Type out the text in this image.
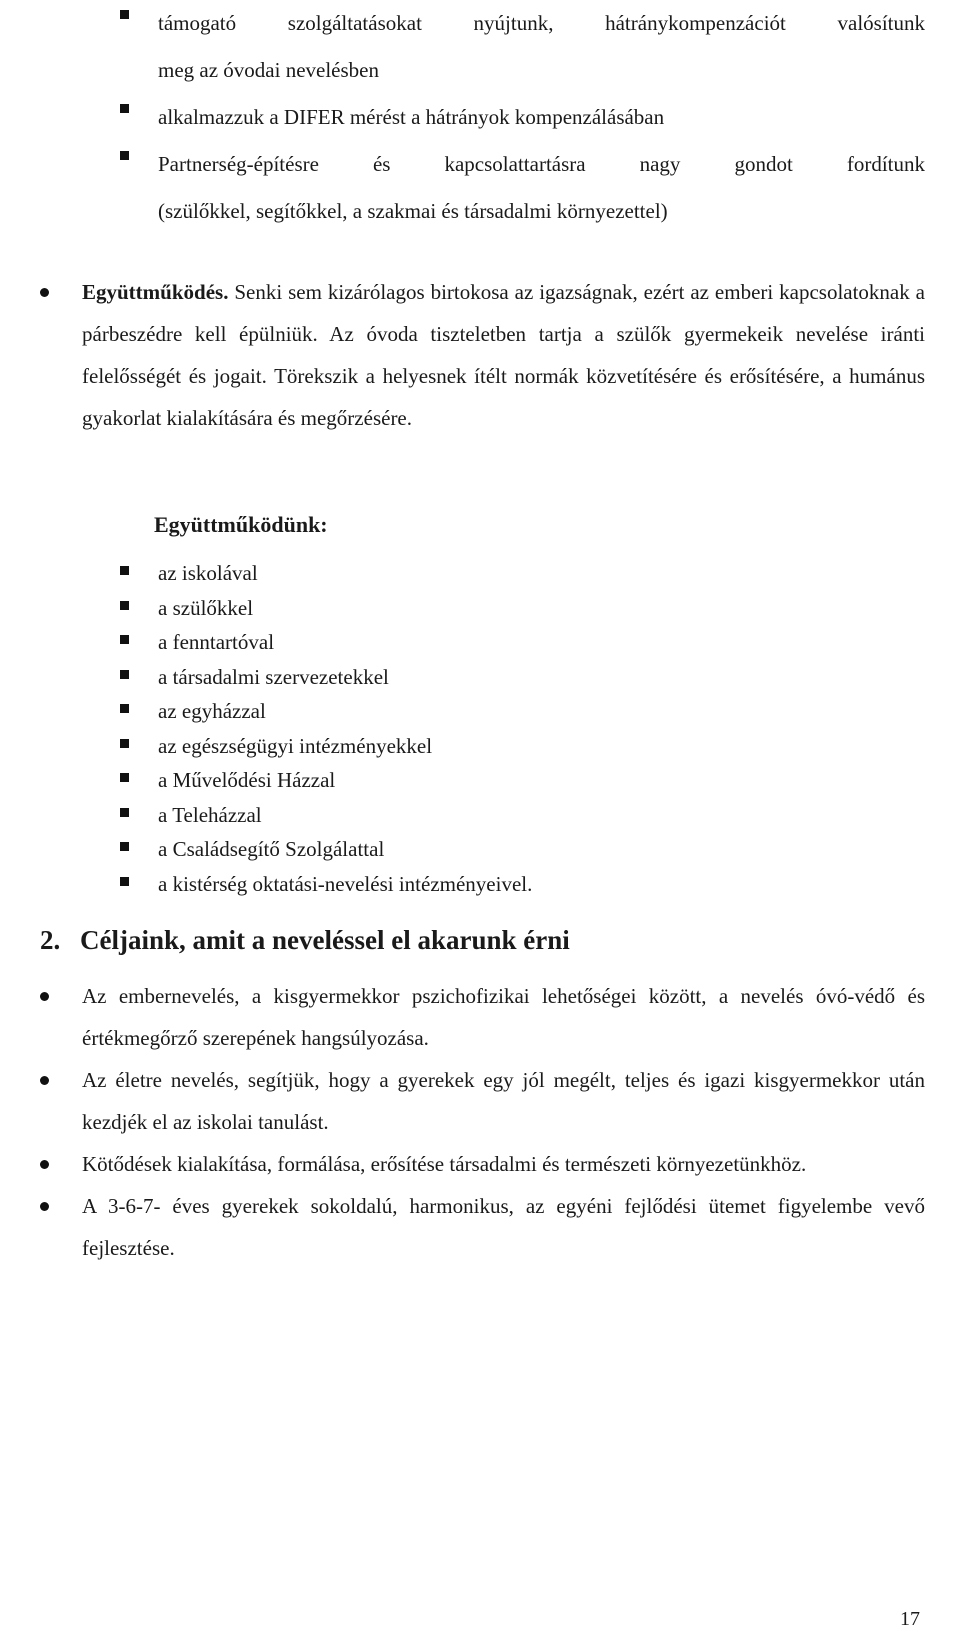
támogató szolgáltatásokat nyújtunk, hátránykompenzációt valósítunk
meg az óvodai nevelésben
alkalmazzuk a DIFER mérést a hátrányok kompenzálásában
Partnerség-építésre és kapcsolattartásra nagy gondot fordítunk
(szülőkkel, segítőkkel, a szakmai és társadalmi környezettel)
Együttműködés. Senki sem kizárólagos birtokosa az igazságnak, ezért az emberi kapcsolatoknak a párbeszédre kell épülniük. Az óvoda tiszteletben tartja a szülők gyermekeik nevelése iránti felelősségét és jogait. Törekszik a helyesnek ítélt normák közvetítésére és erősítésére, a humánus gyakorlat kialakítására és megőrzésére.
Együttműködünk:
az iskolával
a szülőkkel
a fenntartóval
a társadalmi szervezetekkel
az egyházzal
az egészségügyi intézményekkel
a Művelődési Házzal
a Teleházzal
a Családsegítő Szolgálattal
a kistérség oktatási-nevelési intézményeivel.
2. Céljaink, amit a neveléssel el akarunk érni
Az embernevelés, a kisgyermekkor pszichofizikai lehetőségei között, a nevelés óvó-védő és értékmegőrző szerepének hangsúlyozása.
Az életre nevelés, segítjük, hogy a gyerekek egy jól megélt, teljes és igazi kisgyermekkor után kezdjék el az iskolai tanulást.
Kötődések kialakítása, formálása, erősítése társadalmi és természeti környezetünkhöz.
A 3-6-7- éves gyerekek sokoldalú, harmonikus, az egyéni fejlődési ütemet figyelembe vevő fejlesztése.
17
